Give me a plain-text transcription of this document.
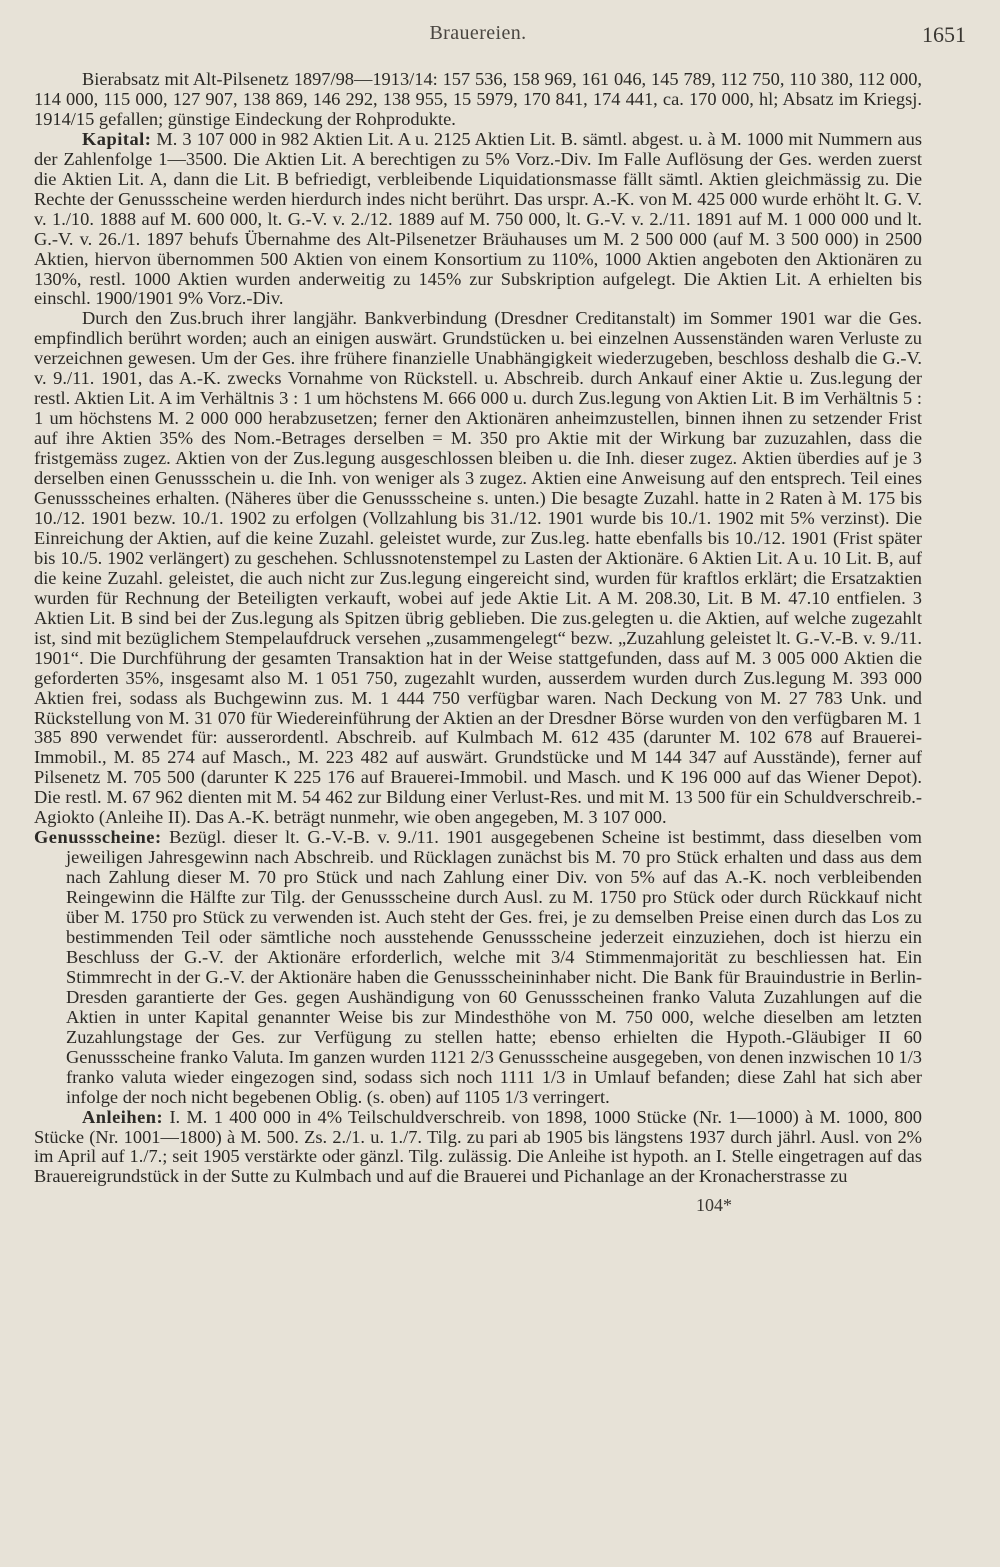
Brauereien.	1651

Bierabsatz mit Alt-Pilsenetz 1897/98—1913/14: 157 536, 158 969, 161 046, 145 789, 112 750, 110 380, 112 000, 114 000, 115 000, 127 907, 138 869, 146 292, 138 955, 15 5979, 170 841, 174 441, ca. 170 000, hl; Absatz im Kriegsj. 1914/15 gefallen; günstige Eindeckung der Rohprodukte.

Kapital: M. 3 107 000 in 982 Aktien Lit. A u. 2125 Aktien Lit. B. sämtl. abgest. u. à M. 1000 mit Nummern aus der Zahlenfolge 1—3500. Die Aktien Lit. A berechtigen zu 5% Vorz.-Div. Im Falle Auflösung der Ges. werden zuerst die Aktien Lit. A, dann die Lit. B befriedigt, verbleibende Liquidationsmasse fällt sämtl. Aktien gleichmässig zu. Die Rechte der Genussscheine werden hierdurch indes nicht berührt. Das urspr. A.-K. von M. 425 000 wurde erhöht lt. G. V. v. 1./10. 1888 auf M. 600 000, lt. G.-V. v. 2./12. 1889 auf M. 750 000, lt. G.-V. v. 2./11. 1891 auf M. 1 000 000 und lt. G.-V. v. 26./1. 1897 behufs Übernahme des Alt-Pilsenetzer Bräuhauses um M. 2 500 000 (auf M. 3 500 000) in 2500 Aktien, hiervon übernommen 500 Aktien von einem Konsortium zu 110%, 1000 Aktien angeboten den Aktionären zu 130%, restl. 1000 Aktien wurden anderweitig zu 145% zur Subskription aufgelegt. Die Aktien Lit. A erhielten bis einschl. 1900/1901 9% Vorz.-Div.

Durch den Zus.bruch ihrer langjähr. Bankverbindung (Dresdner Creditanstalt) im Sommer 1901 war die Ges. empfindlich berührt worden; auch an einigen auswärt. Grundstücken u. bei einzelnen Aussenständen waren Verluste zu verzeichnen gewesen. Um der Ges. ihre frühere finanzielle Unabhängigkeit wiederzugeben, beschloss deshalb die G.-V. v. 9./11. 1901, das A.-K. zwecks Vornahme von Rückstell. u. Abschreib. durch Ankauf einer Aktie u. Zus.legung der restl. Aktien Lit. A im Verhältnis 3 : 1 um höchstens M. 666 000 u. durch Zus.legung von Aktien Lit. B im Verhältnis 5 : 1 um höchstens M. 2 000 000 herabzusetzen; ferner den Aktionären anheimzustellen, binnen ihnen zu setzender Frist auf ihre Aktien 35% des Nom.-Betrages derselben = M. 350 pro Aktie mit der Wirkung bar zuzuzahlen, dass die fristgemäss zugez. Aktien von der Zus.legung ausgeschlossen bleiben u. die Inh. dieser zugez. Aktien überdies auf je 3 derselben einen Genussschein u. die Inh. von weniger als 3 zugez. Aktien eine Anweisung auf den entsprech. Teil eines Genussscheines erhalten. (Näheres über die Genussscheine s. unten.) Die besagte Zuzahl. hatte in 2 Raten à M. 175 bis 10./12. 1901 bezw. 10./1. 1902 zu erfolgen (Vollzahlung bis 31./12. 1901 wurde bis 10./1. 1902 mit 5% verzinst). Die Einreichung der Aktien, auf die keine Zuzahl. geleistet wurde, zur Zus.leg. hatte ebenfalls bis 10./12. 1901 (Frist später bis 10./5. 1902 verlängert) zu geschehen. Schlussnotenstempel zu Lasten der Aktionäre. 6 Aktien Lit. A u. 10 Lit. B, auf die keine Zuzahl. geleistet, die auch nicht zur Zus.legung eingereicht sind, wurden für kraftlos erklärt; die Ersatzaktien wurden für Rechnung der Beteiligten verkauft, wobei auf jede Aktie Lit. A M. 208.30, Lit. B M. 47.10 entfielen. 3 Aktien Lit. B sind bei der Zus.legung als Spitzen übrig geblieben. Die zus.gelegten u. die Aktien, auf welche zugezahlt ist, sind mit bezüglichem Stempelaufdruck versehen „zusammengelegt“ bezw. „Zuzahlung geleistet lt. G.-V.-B. v. 9./11. 1901“. Die Durchführung der gesamten Transaktion hat in der Weise stattgefunden, dass auf M. 3 005 000 Aktien die geforderten 35%, insgesamt also M. 1 051 750, zugezahlt wurden, ausserdem wurden durch Zus.legung M. 393 000 Aktien frei, sodass als Buchgewinn zus. M. 1 444 750 verfügbar waren. Nach Deckung von M. 27 783 Unk. und Rückstellung von M. 31 070 für Wiedereinführung der Aktien an der Dresdner Börse wurden von den verfügbaren M. 1 385 890 verwendet für: ausserordentl. Abschreib. auf Kulmbach M. 612 435 (darunter M. 102 678 auf Brauerei-Immobil., M. 85 274 auf Masch., M. 223 482 auf auswärt. Grundstücke und M 144 347 auf Ausstände), ferner auf Pilsenetz M. 705 500 (darunter K 225 176 auf Brauerei-Immobil. und Masch. und K 196 000 auf das Wiener Depot). Die restl. M. 67 962 dienten mit M. 54 462 zur Bildung einer Verlust-Res. und mit M. 13 500 für ein Schuldverschreib.-Agiokto (Anleihe II). Das A.-K. beträgt nunmehr, wie oben angegeben, M. 3 107 000.

Genussscheine: Bezügl. dieser lt. G.-V.-B. v. 9./11. 1901 ausgegebenen Scheine ist bestimmt, dass dieselben vom jeweiligen Jahresgewinn nach Abschreib. und Rücklagen zunächst bis M. 70 pro Stück erhalten und dass aus dem nach Zahlung dieser M. 70 pro Stück und nach Zahlung einer Div. von 5% auf das A.-K. noch verbleibenden Reingewinn die Hälfte zur Tilg. der Genussscheine durch Ausl. zu M. 1750 pro Stück oder durch Rückkauf nicht über M. 1750 pro Stück zu verwenden ist. Auch steht der Ges. frei, je zu demselben Preise einen durch das Los zu bestimmenden Teil oder sämtliche noch ausstehende Genussscheine jederzeit einzuziehen, doch ist hierzu ein Beschluss der G.-V. der Aktionäre erforderlich, welche mit 3/4 Stimmenmajorität zu beschliessen hat. Ein Stimmrecht in der G.-V. der Aktionäre haben die Genussscheininhaber nicht. Die Bank für Brauindustrie in Berlin-Dresden garantierte der Ges. gegen Aushändigung von 60 Genussscheinen franko Valuta Zuzahlungen auf die Aktien in unter Kapital genannter Weise bis zur Mindesthöhe von M. 750 000, welche dieselben am letzten Zuzahlungstage der Ges. zur Verfügung zu stellen hatte; ebenso erhielten die Hypoth.-Gläubiger II 60 Genussscheine franko Valuta. Im ganzen wurden 1121 2/3 Genussscheine ausgegeben, von denen inzwischen 10 1/3 franko valuta wieder eingezogen sind, sodass sich noch 1111 1/3 in Umlauf befanden; diese Zahl hat sich aber infolge der noch nicht begebenen Oblig. (s. oben) auf 1105 1/3 verringert.

Anleihen: I. M. 1 400 000 in 4% Teilschuldverschreib. von 1898, 1000 Stücke (Nr. 1—1000) à M. 1000, 800 Stücke (Nr. 1001—1800) à M. 500. Zs. 2./1. u. 1./7. Tilg. zu pari ab 1905 bis längstens 1937 durch jährl. Ausl. von 2% im April auf 1./7.; seit 1905 verstärkte oder gänzl. Tilg. zulässig. Die Anleihe ist hypoth. an I. Stelle eingetragen auf das Brauereigrundstück in der Sutte zu Kulmbach und auf die Brauerei und Pichanlage an der Kronacherstrasse zu

104*
